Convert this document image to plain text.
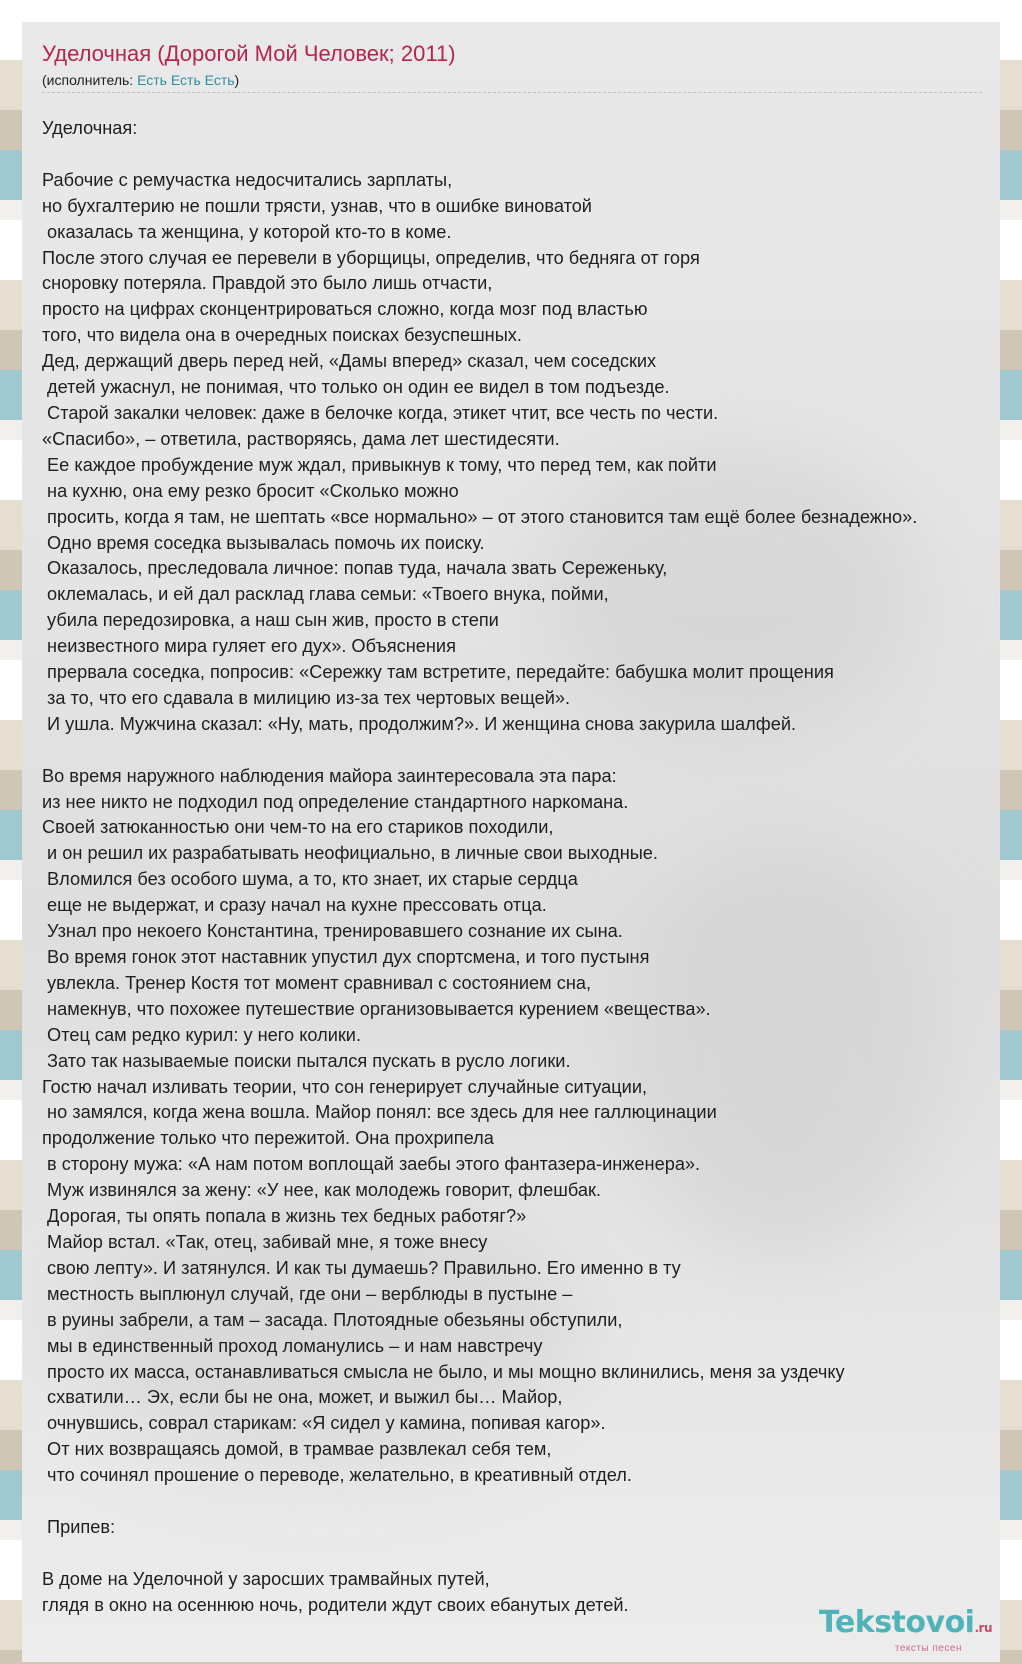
Уделочная (Дорогой Мой Человек; 2011)
(исполнитель: Есть Есть Есть)
Уделочная:

Рабочие с ремучастка недосчитались зарплаты,
но бухгалтерию не пошли трясти, узнав, что в ошибке виноватой
оказалась та женщина, у которой кто-то в коме.
После этого случая ее перевели в уборщицы, определив, что бедняга от горя
сноровку потеряла. Правдой это было лишь отчасти,
просто на цифрах сконцентрироваться сложно, когда мозг под властью
того, что видела она в очередных поисках безуспешных.
Дед, держащий дверь перед ней, «Дамы вперед» сказал, чем соседских
детей ужаснул, не понимая, что только он один ее видел в том подъезде.
Старой закалки человек: даже в белочке когда, этикет чтит, все честь по чести.
«Спасибо», – ответила, растворяясь, дама лет шестидесяти.
Ее каждое пробуждение муж ждал, привыкнув к тому, что перед тем, как пойти
на кухню, она ему резко бросит «Сколько можно
просить, когда я там, не шептать «все нормально» – от этого становится там ещё более безнадежно».
Одно время соседка вызывалась помочь их поиску.
Оказалось, преследовала личное: попав туда, начала звать Сереженьку,
оклемалась, и ей дал расклад глава семьи: «Твоего внука, пойми,
убила передозировка, а наш сын жив, просто в степи
неизвестного мира гуляет его дух». Объяснения
прервала соседка, попросив: «Сережку там встретите, передайте: бабушка молит прощения
за то, что его сдавала в милицию из-за тех чертовых вещей».
И ушла. Мужчина сказал: «Ну, мать, продолжим?». И женщина снова закурила шалфей.

Во время наружного наблюдения майора заинтересовала эта пара:
из нее никто не подходил под определение стандартного наркомана.
Своей затюканностью они чем-то на его стариков походили,
и он решил их разрабатывать неофициально, в личные свои выходные.
Вломился без особого шума, а то, кто знает, их старые сердца
еще не выдержат, и сразу начал на кухне прессовать отца.
Узнал про некоего Константина, тренировавшего сознание их сына.
Во время гонок этот наставник упустил дух спортсмена, и того пустыня
увлекла. Тренер Костя тот момент сравнивал с состоянием сна,
намекнув, что похожее путешествие организовывается курением «вещества».
Отец сам редко курил: у него колики.
Зато так называемые поиски пытался пускать в русло логики.
Гостю начал изливать теории, что сон генерирует случайные ситуации,
но замялся, когда жена вошла. Майор понял: все здесь для нее галлюцинации
продолжение только что пережитой. Она прохрипела
в сторону мужа: «А нам потом воплощай заебы этого фантазера-инженера».
Муж извинялся за жену: «У нее, как молодежь говорит, флешбак.
Дорогая, ты опять попала в жизнь тех бедных работяг?»
Майор встал. «Так, отец, забивай мне, я тоже внесу
свою лепту». И затянулся. И как ты думаешь? Правильно. Его именно в ту
местность выплюнул случай, где они – верблюды в пустыне –
в руины забрели, а там – засада. Плотоядные обезьяны обступили,
мы в единственный проход ломанулись – и нам навстречу
просто их масса, останавливаться смысла не было, и мы мощно вклинились, меня за уздечку
схватили… Эх, если бы не она, может, и выжил бы… Майор,
очнувшись, соврал старикам: «Я сидел у камина, попивая кагор».
От них возвращаясь домой, в трамвае развлекал себя тем,
что сочинял прошение о переводе, желательно, в креативный отдел.

Припев:

В доме на Уделочной у заросших трамвайных путей,
глядя в окно на осеннюю ночь, родители ждут своих ебанутых детей.
Tekstovoi.ru
тексты песен
